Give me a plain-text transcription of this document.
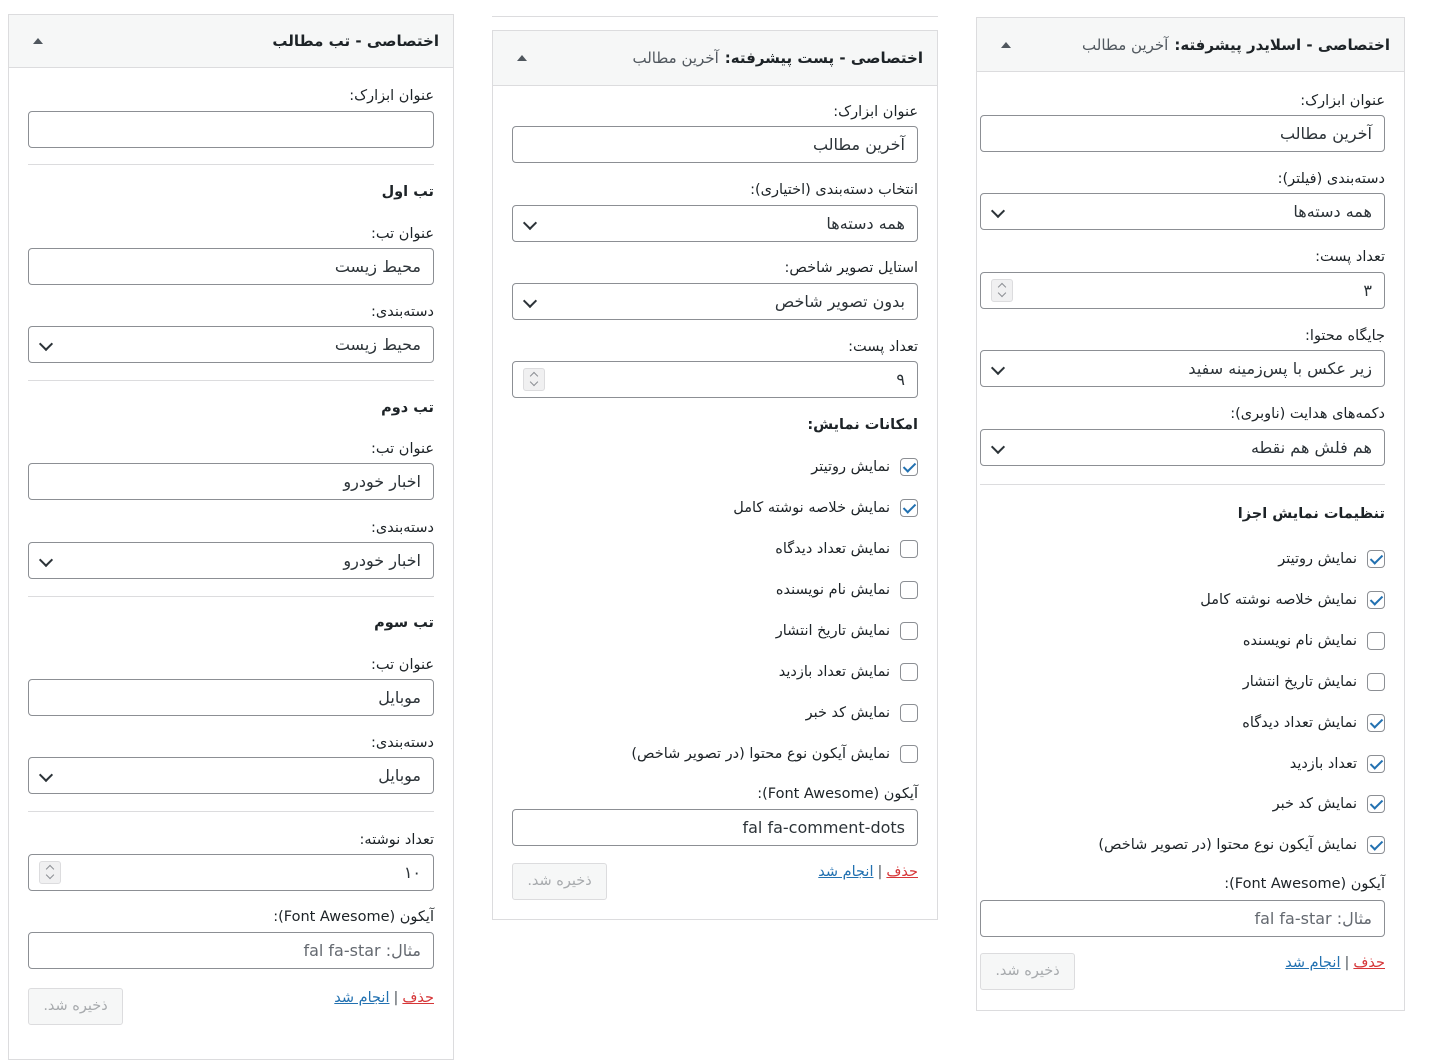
اختصاصی - تب مطالب
عنوان ابزارک:
تب اول
عنوان تب:
محیط زیست
دسته‌بندی:
محیط زیست
تب دوم
عنوان تب:
اخبار خودرو
دسته‌بندی:
اخبار خودرو
تب سوم
عنوان تب:
موبایل
دسته‌بندی:
موبایل
تعداد نوشته:
۱۰
آیکون (Font Awesome):
مثال: fal fa-star
ذخیره شد.	حذف|انجام شد
اختصاصی - پست پیشرفته:
آخرین مطالب
عنوان ابزارک:
آخرین مطالب
انتخاب دسته‌بندی (اختیاری):
همه دسته‌ها
استایل تصویر شاخص:
بدون تصویر شاخص
تعداد پست:
۹
امکانات نمایش:
نمایش روتیتر
نمایش خلاصه نوشته کامل
نمایش تعداد دیدگاه
نمایش نام نویسنده
نمایش تاریخ انتشار
نمایش تعداد بازدید
نمایش کد خبر
نمایش آیکون نوع محتوا (در تصویر شاخص)
آیکون (Font Awesome):
fal fa-comment-dots
ذخیره شد.
حذف|انجام شد
اختصاصی - اسلایدر پیشرفته:
آخرین مطالب
عنوان ابزارک:
آخرین مطالب
دسته‌بندی (فیلتر):
همه دسته‌ها
تعداد پست:
۳
جایگاه محتوا:
زیر عکس با پس‌زمینه سفید
دکمه‌های هدایت (ناوبری):
هم فلش هم نقطه
تنظیمات نمایش اجزا
نمایش روتیتر
نمایش خلاصه نوشته کامل
نمایش نام نویسنده
نمایش تاریخ انتشار
نمایش تعداد دیدگاه
تعداد بازدید
نمایش کد خبر
نمایش آیکون نوع محتوا (در تصویر شاخص)
آیکون (Font Awesome):
مثال: fal fa-star
ذخیره شد.	حذف|انجام شد
